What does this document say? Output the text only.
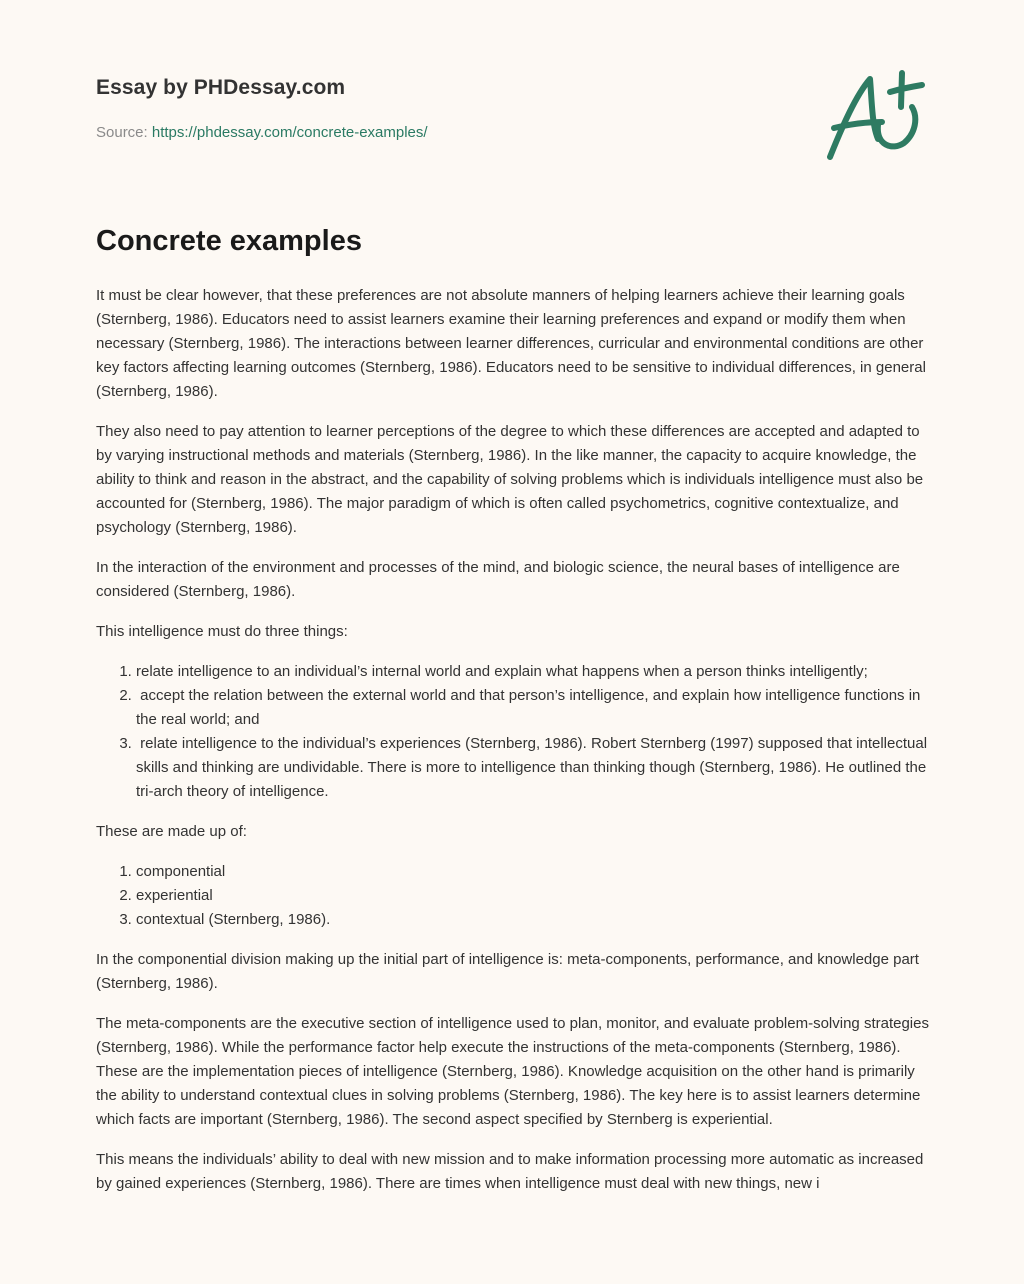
Essay by PHDessay.com

Source: https://phdessay.com/concrete-examples/

Concrete examples

It must be clear however, that these preferences are not absolute manners of helping learners achieve their learning goals (Sternberg, 1986). Educators need to assist learners examine their learning preferences and expand or modify them when necessary (Sternberg, 1986). The interactions between learner differences, curricular and environmental conditions are other key factors affecting learning outcomes (Sternberg, 1986). Educators need to be sensitive to individual differences, in general (Sternberg, 1986).

They also need to pay attention to learner perceptions of the degree to which these differences are accepted and adapted to by varying instructional methods and materials (Sternberg, 1986). In the like manner, the capacity to acquire knowledge, the ability to think and reason in the abstract, and the capability of solving problems which is individuals intelligence must also be accounted for (Sternberg, 1986). The major paradigm of which is often called psychometrics, cognitive contextualize, and psychology (Sternberg, 1986).

In the interaction of the environment and processes of the mind, and biologic science, the neural bases of intelligence are considered (Sternberg, 1986).

This intelligence must do three things:

1. relate intelligence to an individual’s internal world and explain what happens when a person thinks intelligently;
2.  accept the relation between the external world and that person’s intelligence, and explain how intelligence functions in the real world; and
3.  relate intelligence to the individual’s experiences (Sternberg, 1986). Robert Sternberg (1997) supposed that intellectual skills and thinking are undividable. There is more to intelligence than thinking though (Sternberg, 1986). He outlined the tri-arch theory of intelligence.

These are made up of:

1. componential
2. experiential
3. contextual (Sternberg, 1986).

In the componential division making up the initial part of intelligence is: meta-components, performance, and knowledge part (Sternberg, 1986).

The meta-components are the executive section of intelligence used to plan, monitor, and evaluate problem-solving strategies (Sternberg, 1986). While the performance factor help execute the instructions of the meta-components (Sternberg, 1986). These are the implementation pieces of intelligence (Sternberg, 1986). Knowledge acquisition on the other hand is primarily the ability to understand contextual clues in solving problems (Sternberg, 1986). The key here is to assist learners determine which facts are important (Sternberg, 1986). The second aspect specified by Sternberg is experiential.

This means the individuals’ ability to deal with new mission and to make information processing more automatic as increased by gained experiences (Sternberg, 1986). There are times when intelligence must deal with new things, new i
